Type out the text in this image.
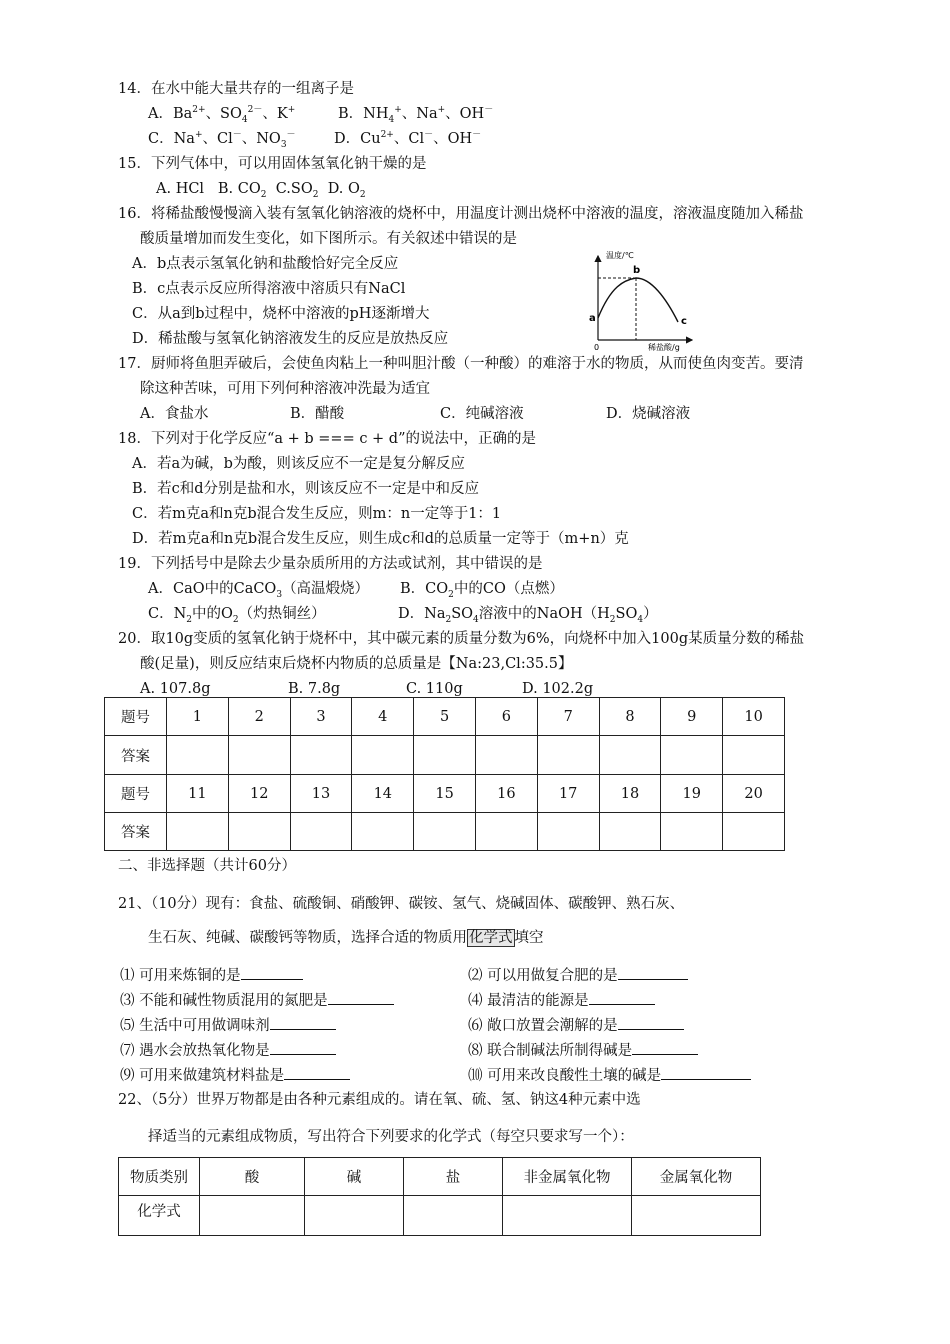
14．在水中能大量共存的一组离子是
A．$Ba^{2+}$、$SO_4^{2-}$、K+	B．$NH_4^+$、Na+、OH－
C．Na+、Cl－、$NO_3^-$	D．$Cu^{2+}$、Cl－、OH－
15．下列气体中，可以用固体氢氧化钠干燥的是
A. HCl B. $CO_2$ $C.SO_2$ D. $O_2$
16．将稀盐酸慢慢滴入装有氢氧化钠溶液的烧杯中，用温度计测出烧杯中溶液的温度，溶液温度随加入稀盐
酸质量增加而发生变化，如下图所示。有关叙述中错误的是
A．b点表示氢氧化钠和盐酸恰好完全反应
B．c点表示反应所得溶液中溶质只有NaCl
C．从a到b过程中，烧杯中溶液的pH逐渐增大
D．稀盐酸与氢氧化钠溶液发生的反应是放热反应
温度/℃
稀盐酸/g
0
a
b
c
17．厨师将鱼胆弄破后，会使鱼肉粘上一种叫胆汁酸（一种酸）的难溶于水的物质，从而使鱼肉变苦。要清
除这种苦味，可用下列何种溶液冲洗最为适宜
A．食盐水	B．醋酸	C．纯碱溶液	D．烧碱溶液
18．下列对于化学反应“a + b === c + d”的说法中，正确的是
A．若a为碱，b为酸，则该反应不一定是复分解反应
B．若c和d分别是盐和水，则该反应不一定是中和反应
C．若m克a和n克b混合发生反应，则m：n一定等于1：1
D．若m克a和n克b混合发生反应，则生成c和d的总质量一定等于（m+n）克
19．下列括号中是除去少量杂质所用的方法或试剂，其中错误的是
A．CaO中的CaCO$_3$（高温煅烧） B．$CO_2$中的CO（点燃）
C．$N_2$中的$O_2$（灼热铜丝）	D．$Na_2SO_4$溶液中的$NaOH(H_2SO_4)$
20．取10g变质的氢氧化钠于烧杯中，其中碳元素的质量分数为6%，向烧杯中加入100g某质量分数的稀盐
酸(足量)，则反应结束后烧杯内物质的总质量是【Na:23,Cl:35.5】
A. 107.8g	B. 7.8g	C. 110g	D. 102.2g
题号	1	2	3	4	5	6	7	8	9	10
答案										
题号	11	12	13	14	15	16	17	18	19	20
答案										
二、非选择题（共计60分）
21、（10分）现有：食盐、硫酸铜、硝酸钾、碳铵、氢气、烧碱固体、碳酸钾、熟石灰、
生石灰、纯碱、碳酸钙等物质，选择合适的物质用 化学式 填空
⑴ 可用来炼铜的是	⑵ 可以用做复合肥的是
⑶ 不能和碱性物质混用的氮肥是	⑷ 最清洁的能源是
⑸ 生活中可用做调味剂	⑹ 敞口放置会潮解的是
⑺ 遇水会放热氧化物是	⑻ 联合制碱法所制得碱是
⑼ 可用来做建筑材料盐是	⑽ 可用来改良酸性土壤的碱是
22、（5分）世界万物都是由各种元素组成的。请在氧、硫、氢、钠这4种元素中选
择适当的元素组成物质，写出符合下列要求的化学式（每空只要求写一个）：
物质类别	酸	碱	盐	非金属氧化物	金属氧化物
化学式					
